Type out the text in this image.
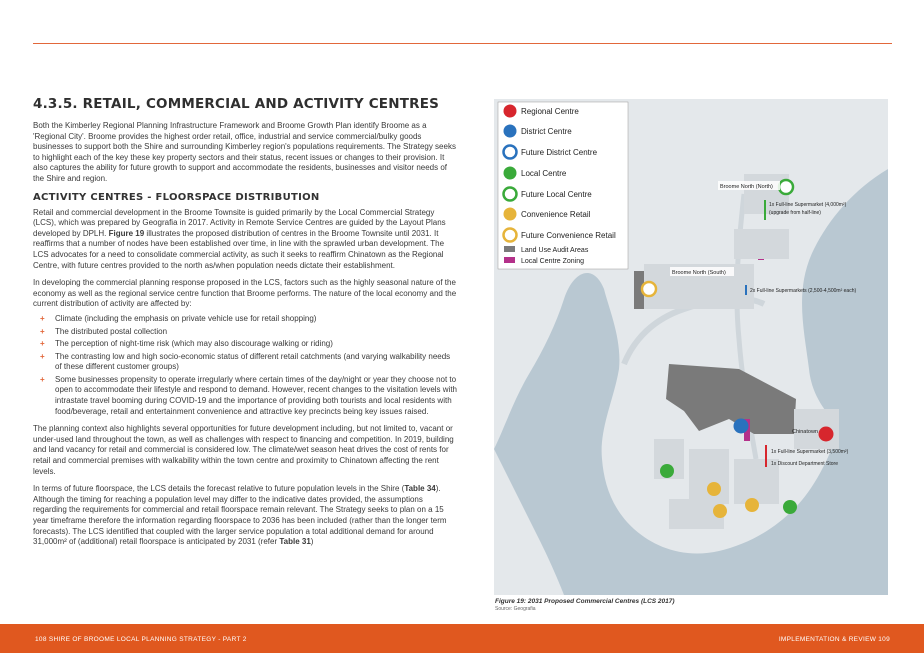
4.3.5. RETAIL, COMMERCIAL AND ACTIVITY CENTRES

Both the Kimberley Regional Planning Infrastructure Framework and Broome Growth Plan identify Broome as a 'Regional City'. Broome provides the highest order retail, office, industrial and service commercial/bulky goods businesses to support both the Shire and surrounding Kimberley region's populations requirements. The Strategy seeks to highlight each of the key these key property sectors and their status, recent issues or changes to their provision. It also captures the ability for future growth to support and accommodate the residents, businesses and visitor needs of the Shire and region.

ACTIVITY CENTRES - FLOORSPACE DISTRIBUTION

Retail and commercial development in the Broome Townsite is guided primarily by the Local Commercial Strategy (LCS), which was prepared by Geografia in 2017. Activity in Remote Service Centres are guided by the Layout Plans developed by DPLH. Figure 19 illustrates the proposed distribution of centres in the Broome Townsite until 2031. It reaffirms that a number of nodes have been established over time, in line with the sprawled urban development. The LCS advocates for a need to consolidate commercial activity, as such it seeks to reaffirm Chinatown as the Regional Centre, with future centres provided to the north as/when population needs dictate their establishment.

In developing the commercial planning response proposed in the LCS, factors such as the highly seasonal nature of the economy as well as the regional service centre function that Broome performs. The nature of the local economy and the current distribution of activity are affected by:

+ Climate (including the emphasis on private vehicle use for retail shopping)
+ The distributed postal collection
+ The perception of night-time risk (which may also discourage walking or riding)
+ The contrasting low and high socio-economic status of different retail catchments (and varying walkability needs of these different customer groups)
+ Some businesses propensity to operate irregularly where certain times of the day/night or year they choose not to open to accommodate their lifestyle and respond to demand. However, recent changes to the visitation levels with intrastate travel booming during COVID-19 and the importance of providing both tourists and local residents with food/beverage, retail and entertainment convenience and attractive key precincts being key issues raised.

The planning context also highlights several opportunities for future development including, but not limited to, vacant or under-used land throughout the town, as well as challenges with respect to financing and competition. In 2019, building and land vacancy for retail and commercial is considered low. The climate/wet season heat drives the cost of rents for retail and commercial premises with walkability within the town centre and proximity to Chinatown affecting the rent levels.

In terms of future floorspace, the LCS details the forecast relative to future population levels in the Shire (Table 34). Although the timing for reaching a population level may differ to the indicative dates provided, the assumptions regarding the requirements for commercial and retail floorspace remain relevant. The Strategy seeks to plan on a 15 year timeframe therefore the information regarding floorspace to 2036 has been included (rather than the longer term forecasts). The LCS identified that coupled with the larger service population a total additional demand for around 31,000m² of (additional) retail floorspace is anticipated by 2031 (refer Table 31)

Regional Centre
District Centre
Future District Centre
Local Centre
Future Local Centre
Convenience Retail
Future Convenience Retail
Land Use Audit Areas
Local Centre Zoning
Broome North (North)
1x Full-line Supermarket (4,000m²)
(upgrade from half-line)
Broome North (South)
2x Full-line Supermarkets (2,500-4,500m² each)
Chinatown
1x Full-line Supermarket (3,500m²)
1x Discount Department Store
Figure 19: 2031 Proposed Commercial Centres (LCS 2017)
Source: Geografia
108 SHIRE OF BROOME LOCAL PLANNING STRATEGY - PART 2	IMPLEMENTATION & REVIEW 109
